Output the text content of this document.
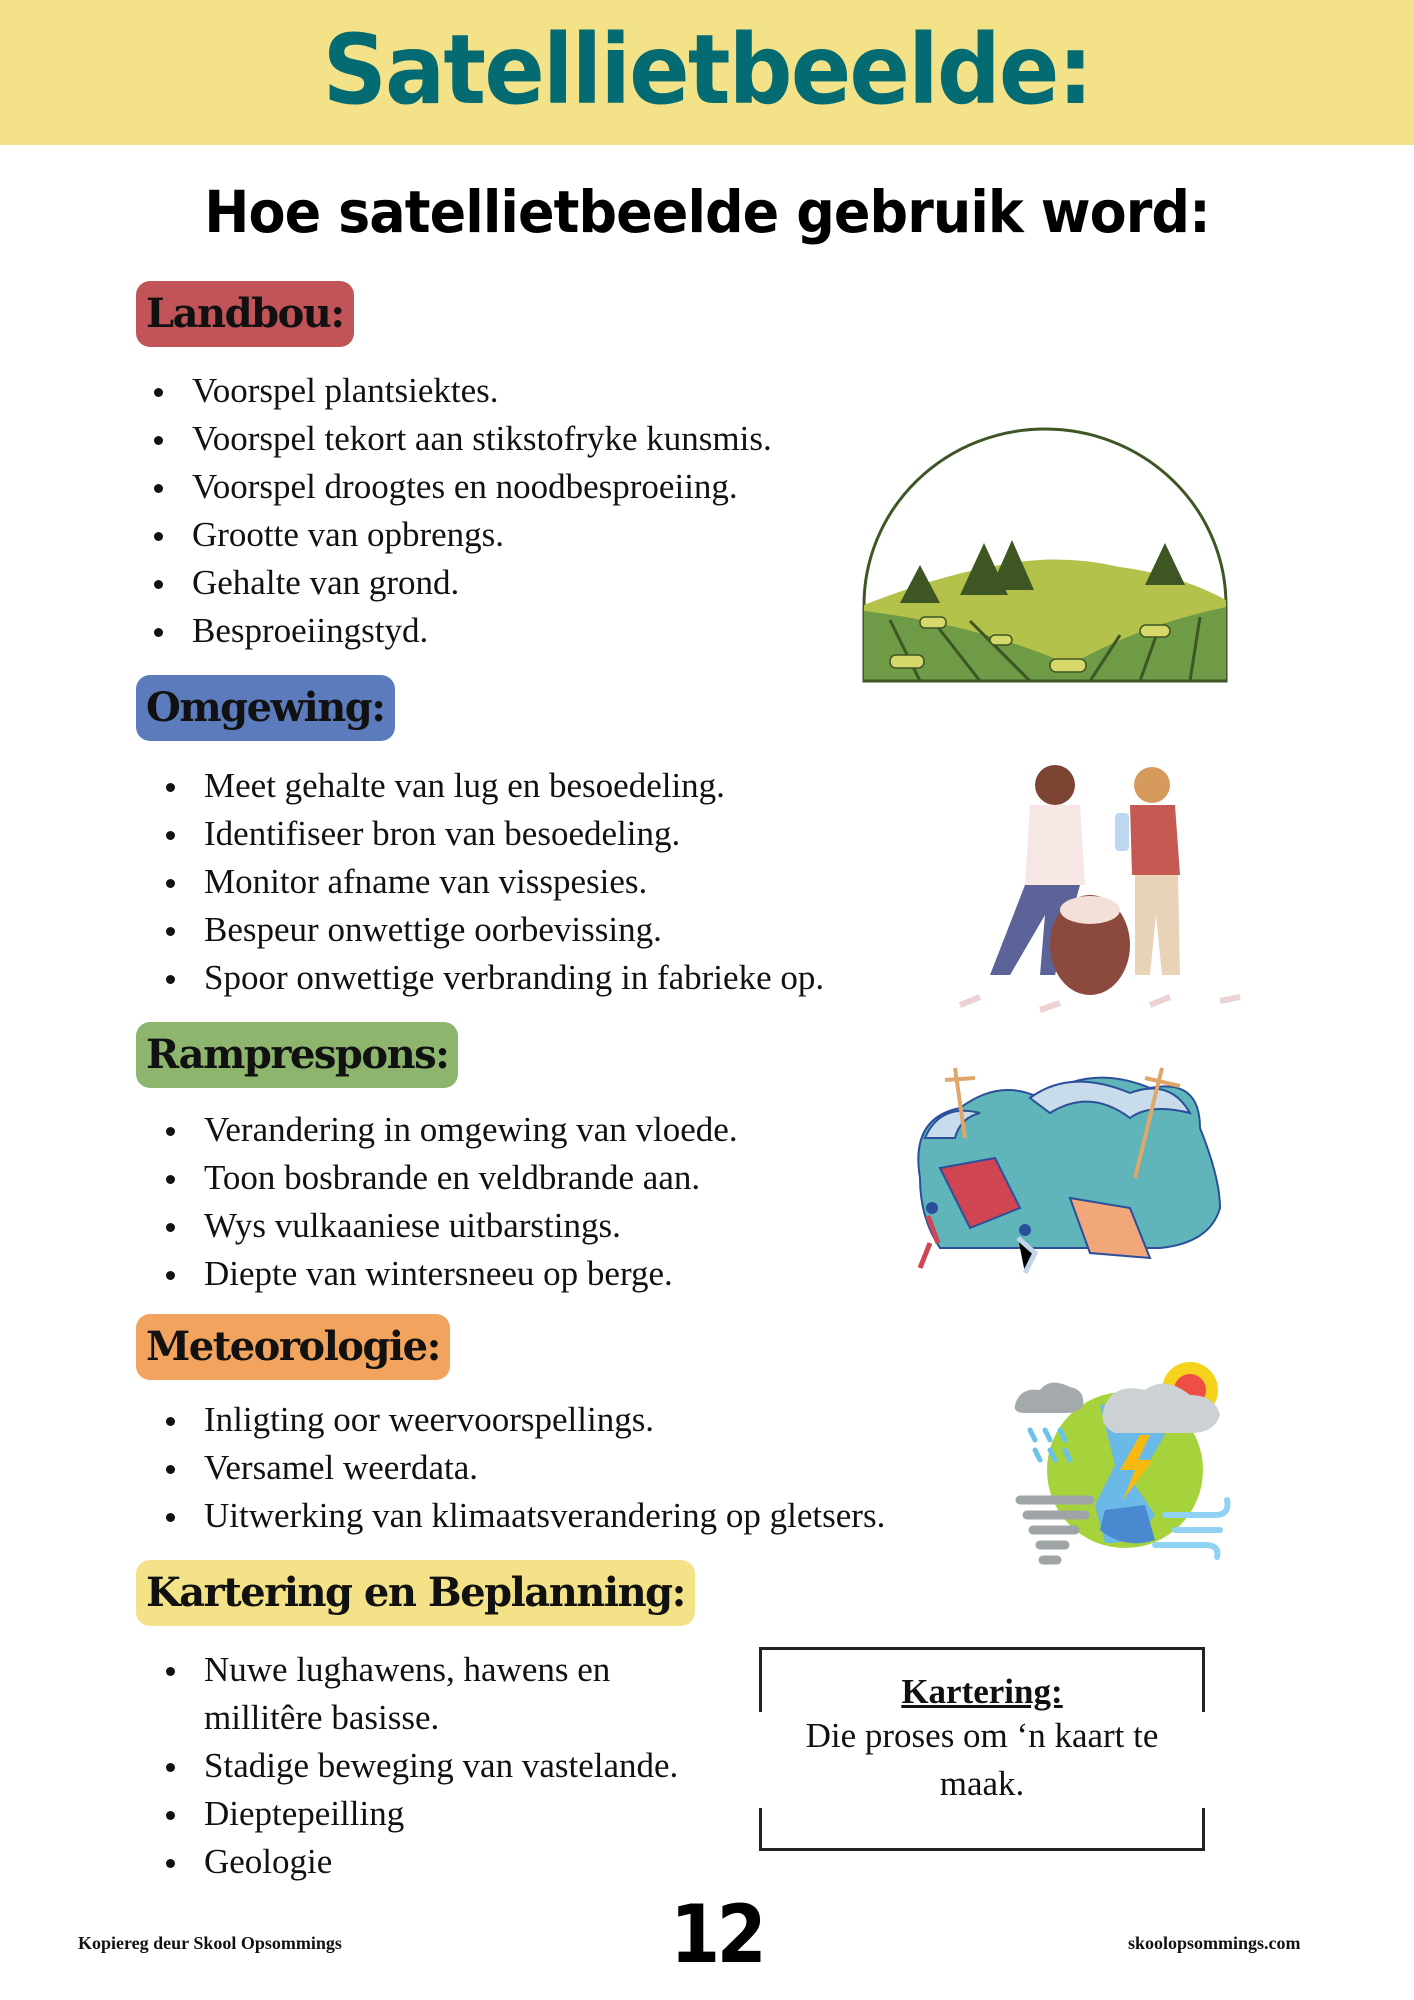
Satellietbeelde:
Hoe satellietbeelde gebruik word:
Landbou:
Voorspel plantsiektes.
Voorspel tekort aan stikstofryke kunsmis.
Voorspel droogtes en noodbesproeiing.
Grootte van opbrengs.
Gehalte van grond.
Besproeiingstyd.
Omgewing:
Meet gehalte van lug en besoedeling.
Identifiseer bron van besoedeling.
Monitor afname van visspesies.
Bespeur onwettige oorbevissing.
Spoor onwettige verbranding in fabrieke op.
Ramprespons:
Verandering in omgewing van vloede.
Toon bosbrande en veldbrande aan.
Wys vulkaaniese uitbarstings.
Diepte van wintersneeu op berge.
Meteorologie:
Inligting oor weervoorspellings.
Versamel weerdata.
Uitwerking van klimaatsverandering op gletsers.
Kartering en Beplanning:
Nuwe lughawens, hawens en millitêre basisse.
Stadige beweging van vastelande.
Dieptepeilling
Geologie
Kartering:
Die proses om ‘n kaart te maak.
Kopiereg deur Skool Opsommings	12	skoolopsommings.com
